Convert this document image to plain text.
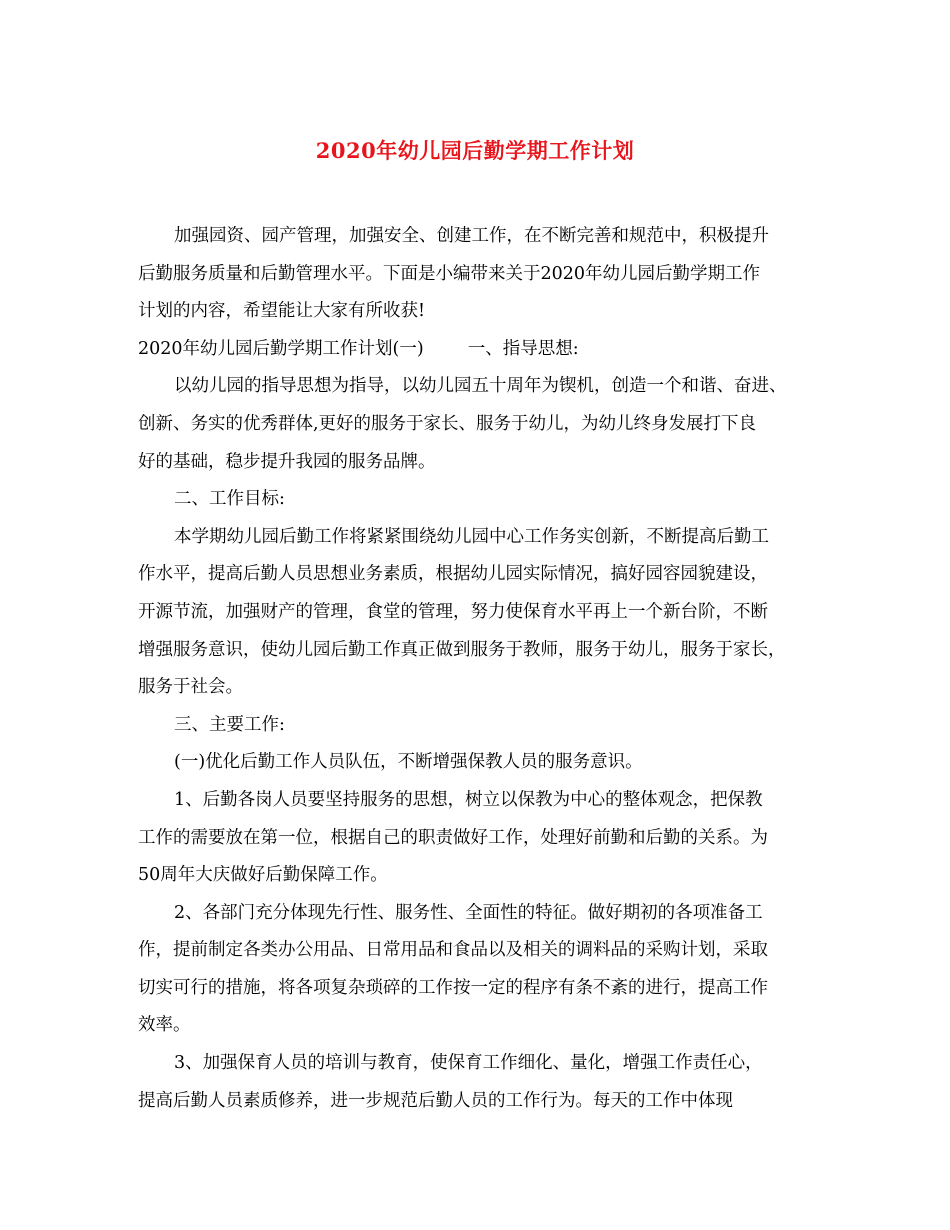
2020年幼儿园后勤学期工作计划
加强园资、园产管理，加强安全、创建工作，在不断完善和规范中，积极提升
后勤服务质量和后勤管理水平。下面是小编带来关于2020年幼儿园后勤学期工作
计划的内容，希望能让大家有所收获!
2020年幼儿园后勤学期工作计划(一)	一、指导思想:
以幼儿园的指导思想为指导，以幼儿园五十周年为锲机，创造一个和谐、奋进、
创新、务实的优秀群体,更好的服务于家长、服务于幼儿，为幼儿终身发展打下良
好的基础，稳步提升我园的服务品牌。
二、工作目标:
本学期幼儿园后勤工作将紧紧围绕幼儿园中心工作务实创新，不断提高后勤工
作水平，提高后勤人员思想业务素质，根据幼儿园实际情况，搞好园容园貌建设，
开源节流，加强财产的管理，食堂的管理，努力使保育水平再上一个新台阶，不断
增强服务意识，使幼儿园后勤工作真正做到服务于教师，服务于幼儿，服务于家长，
服务于社会。
三、主要工作:
(一)优化后勤工作人员队伍，不断增强保教人员的服务意识。
1、后勤各岗人员要坚持服务的思想，树立以保教为中心的整体观念，把保教
工作的需要放在第一位，根据自己的职责做好工作，处理好前勤和后勤的关系。为
50周年大庆做好后勤保障工作。
2、各部门充分体现先行性、服务性、全面性的特征。做好期初的各项准备工
作，提前制定各类办公用品、日常用品和食品以及相关的调料品的采购计划，采取
切实可行的措施，将各项复杂琐碎的工作按一定的程序有条不紊的进行，提高工作
效率。
3、加强保育人员的培训与教育，使保育工作细化、量化，增强工作责任心，
提高后勤人员素质修养，进一步规范后勤人员的工作行为。每天的工作中体现
